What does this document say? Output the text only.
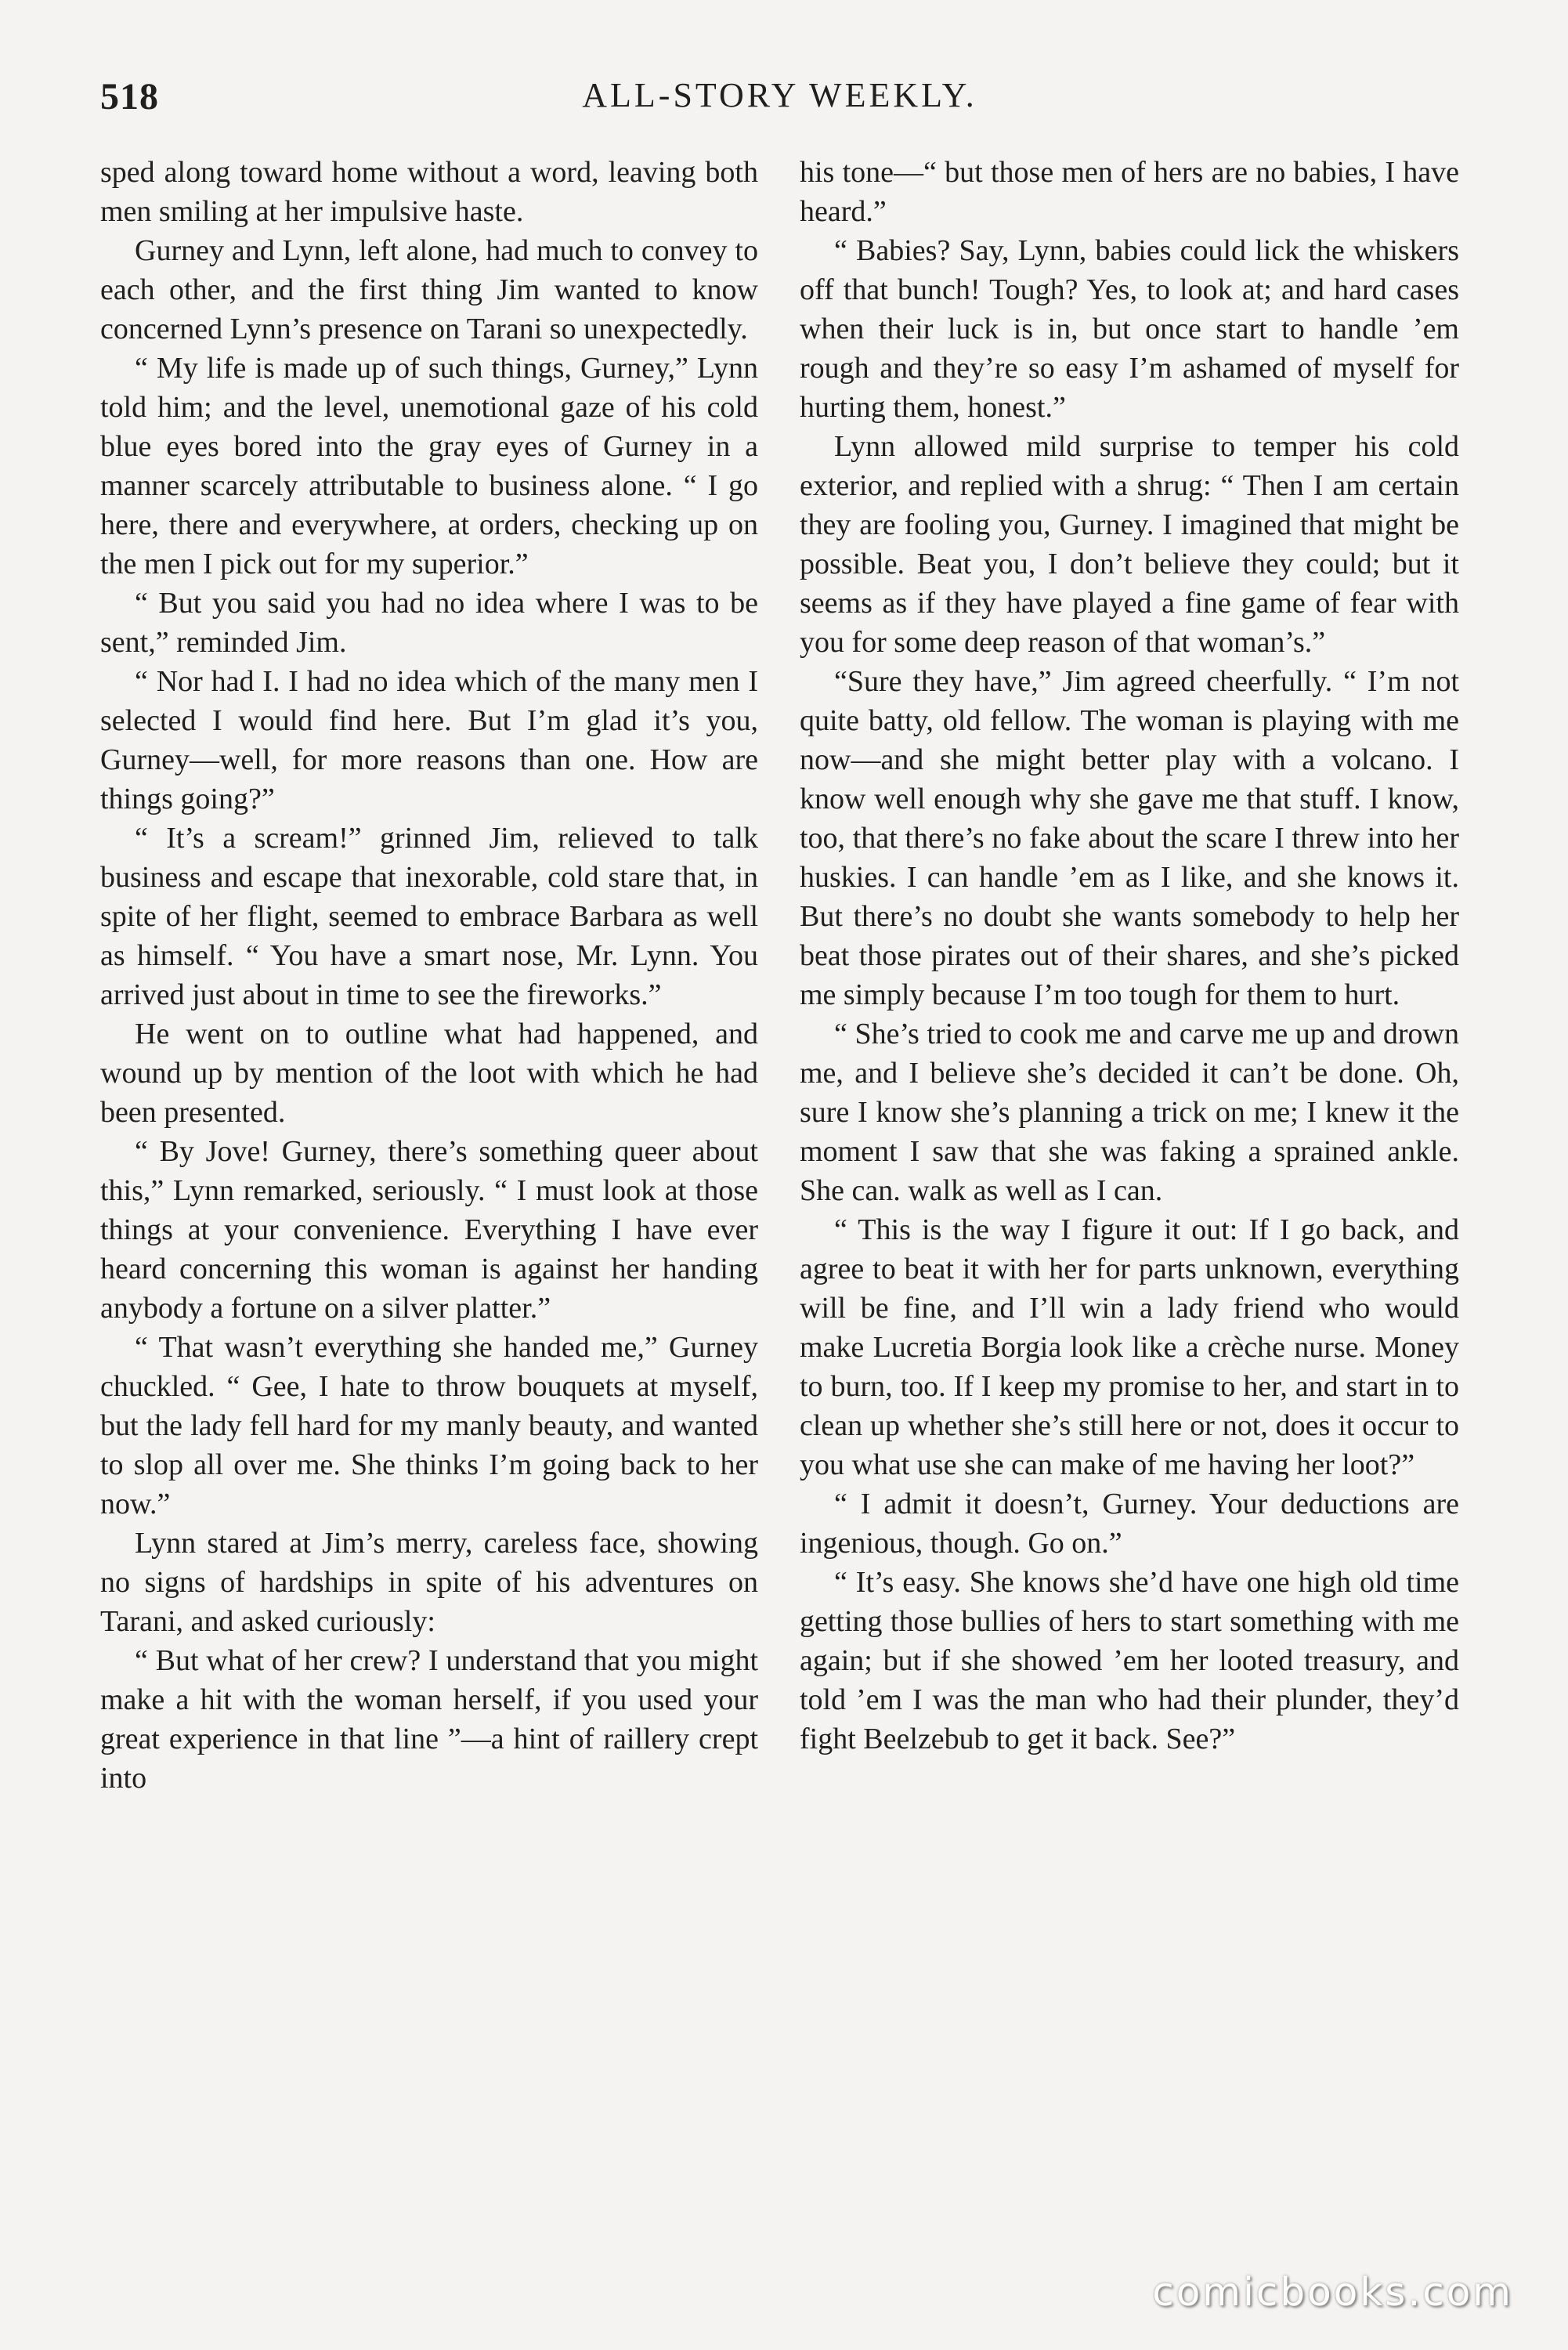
518	ALL-STORY WEEKLY.

sped along toward home without a word, leaving both men smiling at her impulsive haste.

Gurney and Lynn, left alone, had much to convey to each other, and the first thing Jim wanted to know concerned Lynn’s presence on Tarani so unexpectedly.

“ My life is made up of such things, Gurney,” Lynn told him; and the level, unemotional gaze of his cold blue eyes bored into the gray eyes of Gurney in a manner scarcely attributable to business alone. “ I go here, there and everywhere, at orders, checking up on the men I pick out for my superior.”

“ But you said you had no idea where I was to be sent,” reminded Jim.

“ Nor had I. I had no idea which of the many men I selected I would find here. But I’m glad it’s you, Gurney—well, for more reasons than one. How are things going?”

“ It’s a scream!” grinned Jim, relieved to talk business and escape that inexorable, cold stare that, in spite of her flight, seemed to embrace Barbara as well as himself. “ You have a smart nose, Mr. Lynn. You arrived just about in time to see the fireworks.”

He went on to outline what had happened, and wound up by mention of the loot with which he had been presented.

“ By Jove! Gurney, there’s something queer about this,” Lynn remarked, seriously. “ I must look at those things at your convenience. Everything I have ever heard concerning this woman is against her handing anybody a fortune on a silver platter.”

“ That wasn’t everything she handed me,” Gurney chuckled. “ Gee, I hate to throw bouquets at myself, but the lady fell hard for my manly beauty, and wanted to slop all over me. She thinks I’m going back to her now.”

Lynn stared at Jim’s merry, careless face, showing no signs of hardships in spite of his adventures on Tarani, and asked curiously:

“ But what of her crew? I understand that you might make a hit with the woman herself, if you used your great experience in that line ”—a hint of raillery crept into

his tone—“ but those men of hers are no babies, I have heard.”

“ Babies? Say, Lynn, babies could lick the whiskers off that bunch! Tough? Yes, to look at; and hard cases when their luck is in, but once start to handle ’em rough and they’re so easy I’m ashamed of myself for hurting them, honest.”

Lynn allowed mild surprise to temper his cold exterior, and replied with a shrug: “ Then I am certain they are fooling you, Gurney. I imagined that might be possible. Beat you, I don’t believe they could; but it seems as if they have played a fine game of fear with you for some deep reason of that woman’s.”

“Sure they have,” Jim agreed cheerfully. “ I’m not quite batty, old fellow. The woman is playing with me now—and she might better play with a volcano. I know well enough why she gave me that stuff. I know, too, that there’s no fake about the scare I threw into her huskies. I can handle ’em as I like, and she knows it. But there’s no doubt she wants somebody to help her beat those pirates out of their shares, and she’s picked me simply because I’m too tough for them to hurt.

“ She’s tried to cook me and carve me up and drown me, and I believe she’s decided it can’t be done. Oh, sure I know she’s planning a trick on me; I knew it the moment I saw that she was faking a sprained ankle. She can. walk as well as I can.

“ This is the way I figure it out: If I go back, and agree to beat it with her for parts unknown, everything will be fine, and I’ll win a lady friend who would make Lucretia Borgia look like a crèche nurse. Money to burn, too. If I keep my promise to her, and start in to clean up whether she’s still here or not, does it occur to you what use she can make of me having her loot?”

“ I admit it doesn’t, Gurney. Your deductions are ingenious, though. Go on.”

“ It’s easy. She knows she’d have one high old time getting those bullies of hers to start something with me again; but if she showed ’em her looted treasury, and told ’em I was the man who had their plunder, they’d fight Beelzebub to get it back. See?”

comicbooks.com
